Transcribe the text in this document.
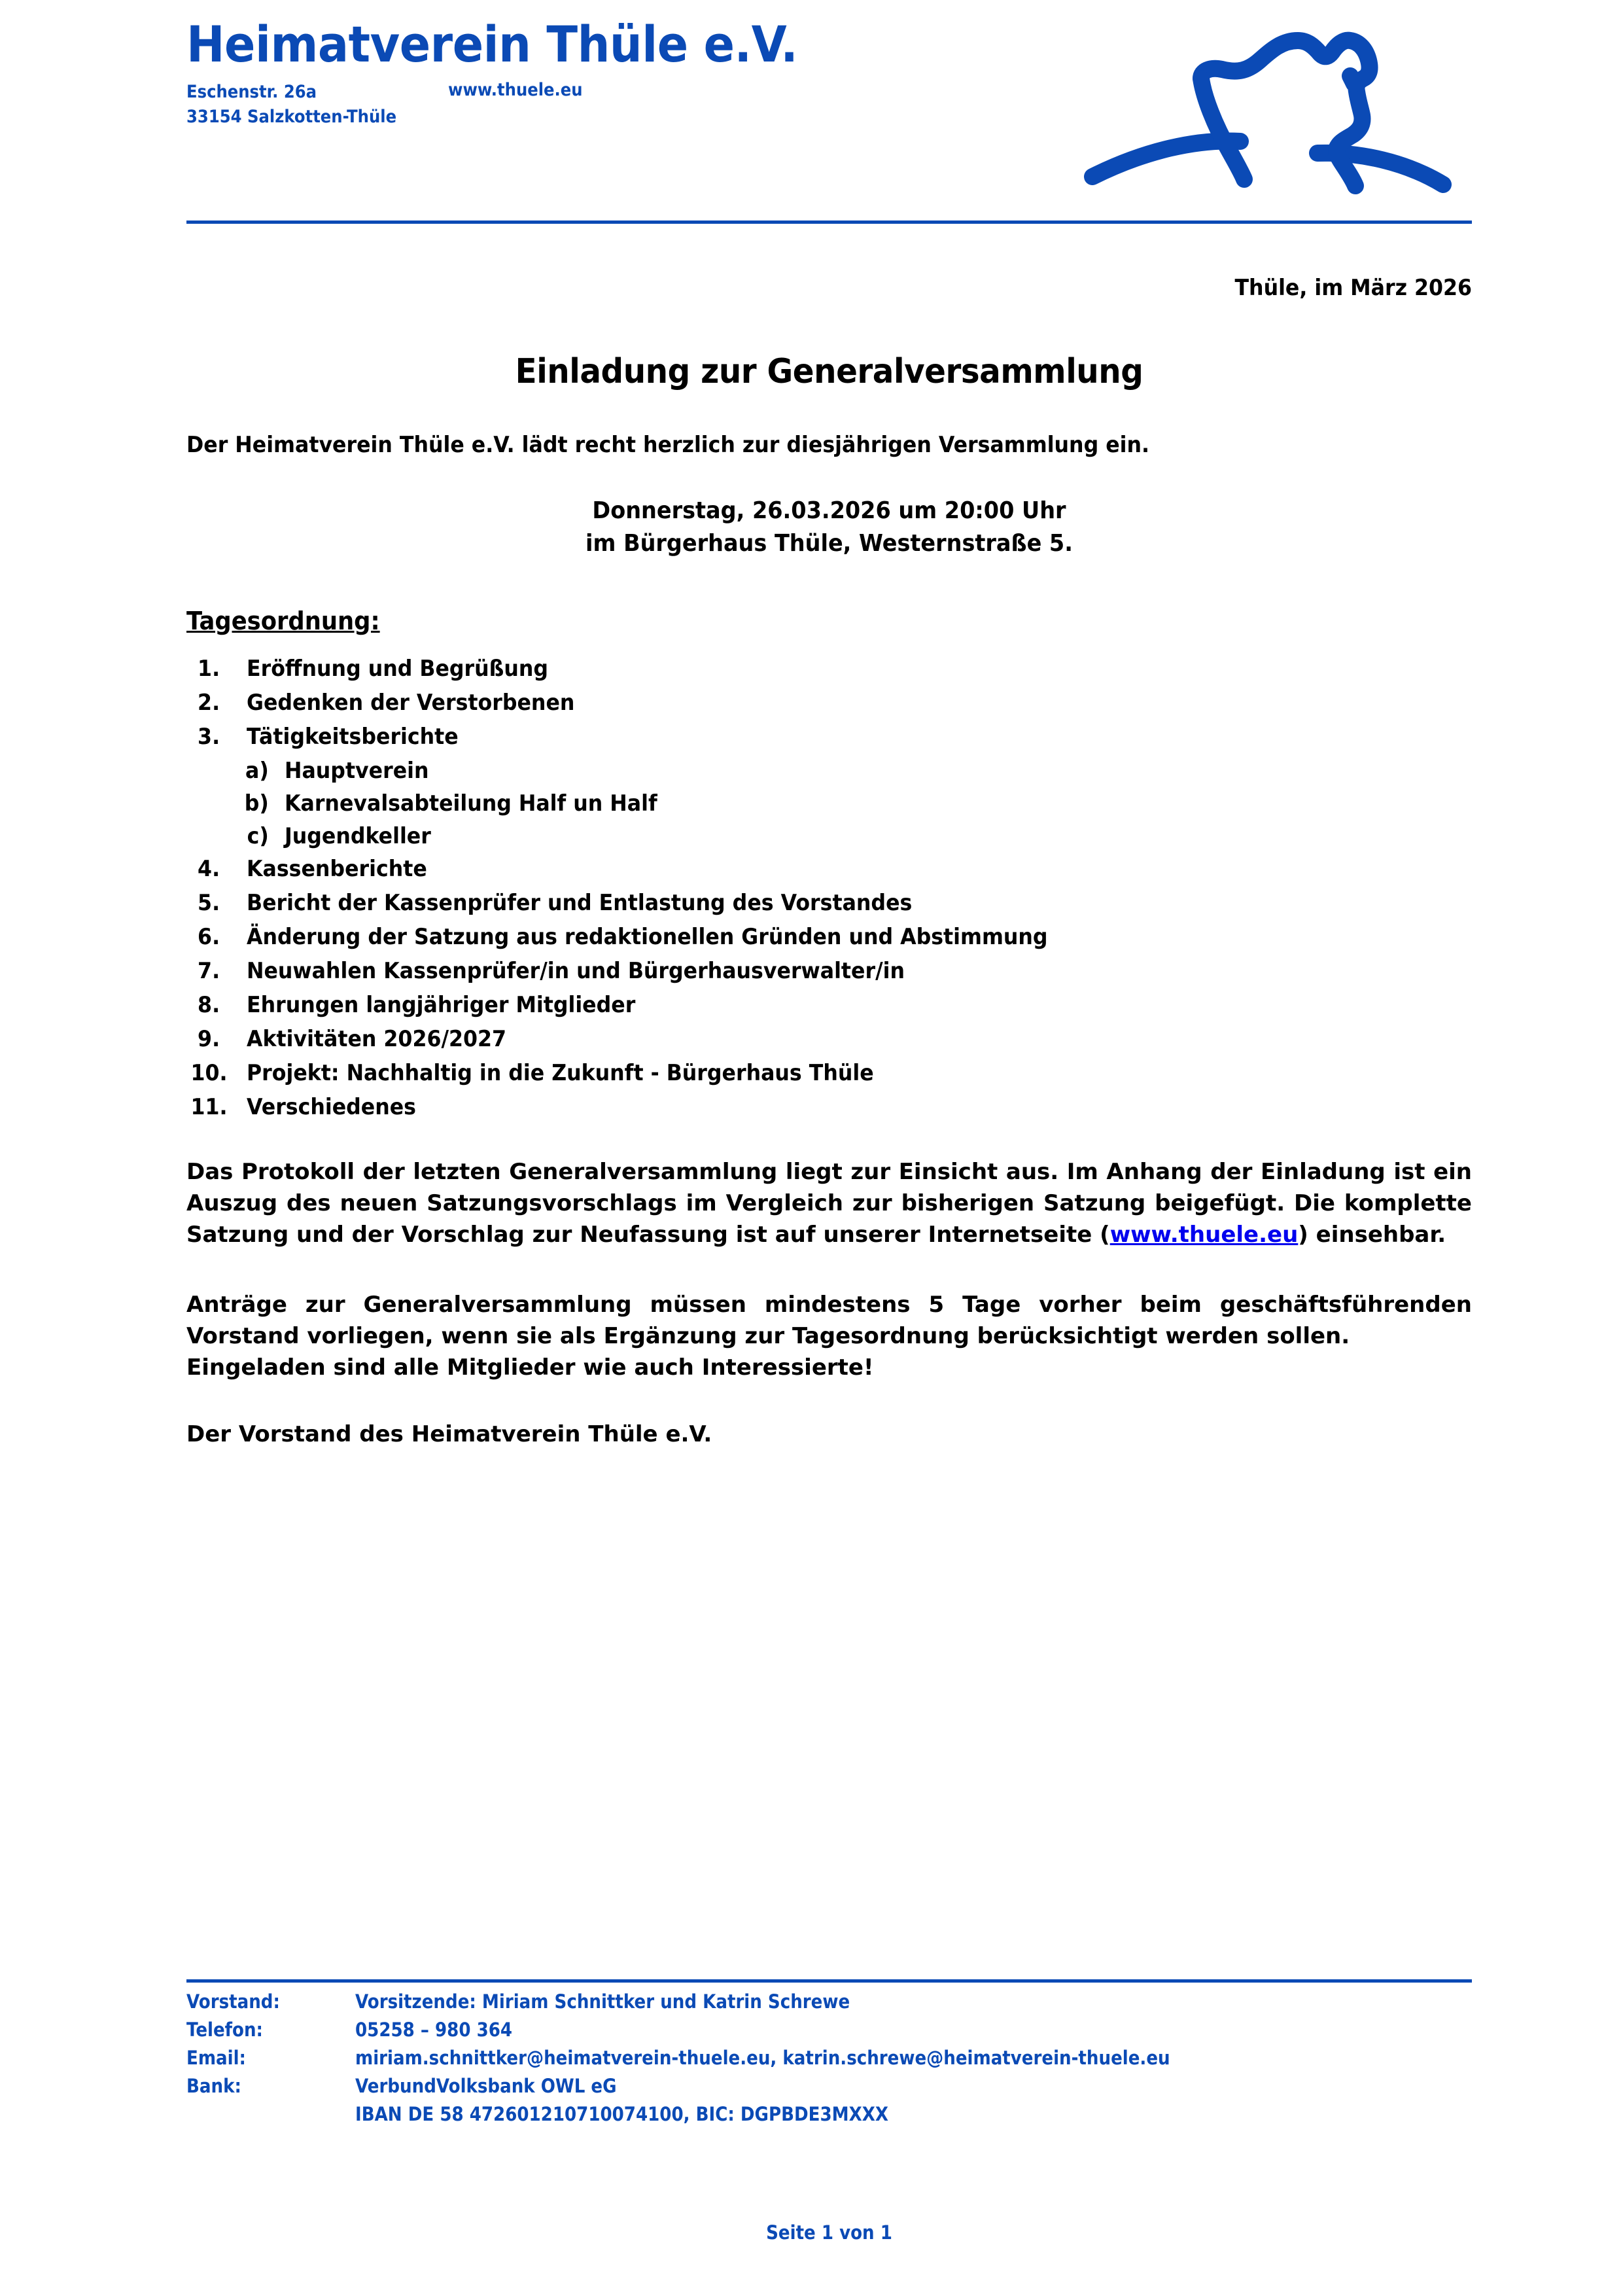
Heimatverein Thüle e.V.
Eschenstr. 26a
33154 Salzkotten-Thüle
www.thuele.eu
Thüle, im März 2026
Einladung zur Generalversammlung
Der Heimatverein Thüle e.V. lädt recht herzlich zur diesjährigen Versammlung ein.
Donnerstag, 26.03.2026 um 20:00 Uhr
im Bürgerhaus Thüle, Westernstraße 5.
Tagesordnung:
1.	Eröffnung und Begrüßung
2.	Gedenken der Verstorbenen
3.	Tätigkeitsberichte
a) Hauptverein
b) Karnevalsabteilung Half un Half
c) Jugendkeller
4.	Kassenberichte
5.	Bericht der Kassenprüfer und Entlastung des Vorstandes
6.	Änderung der Satzung aus redaktionellen Gründen und Abstimmung
7.	Neuwahlen Kassenprüfer/in und Bürgerhausverwalter/in
8.	Ehrungen langjähriger Mitglieder
9.	Aktivitäten 2026/2027
10. Projekt: Nachhaltig in die Zukunft - Bürgerhaus Thüle
11. Verschiedenes
Das Protokoll der letzten Generalversammlung liegt zur Einsicht aus. Im Anhang der Einladung ist ein Auszug des neuen Satzungsvorschlags im Vergleich zur bisherigen Satzung beigefügt. Die komplette Satzung und der Vorschlag zur Neufassung ist auf unserer Internetseite (www.thuele.eu) einsehbar.
Anträge zur Generalversammlung müssen mindestens 5 Tage vorher beim geschäftsführenden Vorstand vorliegen, wenn sie als Ergänzung zur Tagesordnung berücksichtigt werden sollen.
Eingeladen sind alle Mitglieder wie auch Interessierte!
Der Vorstand des Heimatverein Thüle e.V.
Vorstand:	Vorsitzende: Miriam Schnittker und Katrin Schrewe
Telefon:	05258 – 980 364
Email:	miriam.schnittker@heimatverein-thuele.eu, katrin.schrewe@heimatverein-thuele.eu
Bank:	VerbundVolksbank OWL eG
IBAN DE 58 472601210710074100, BIC: DGPBDE3MXXX
Seite 1 von 1
